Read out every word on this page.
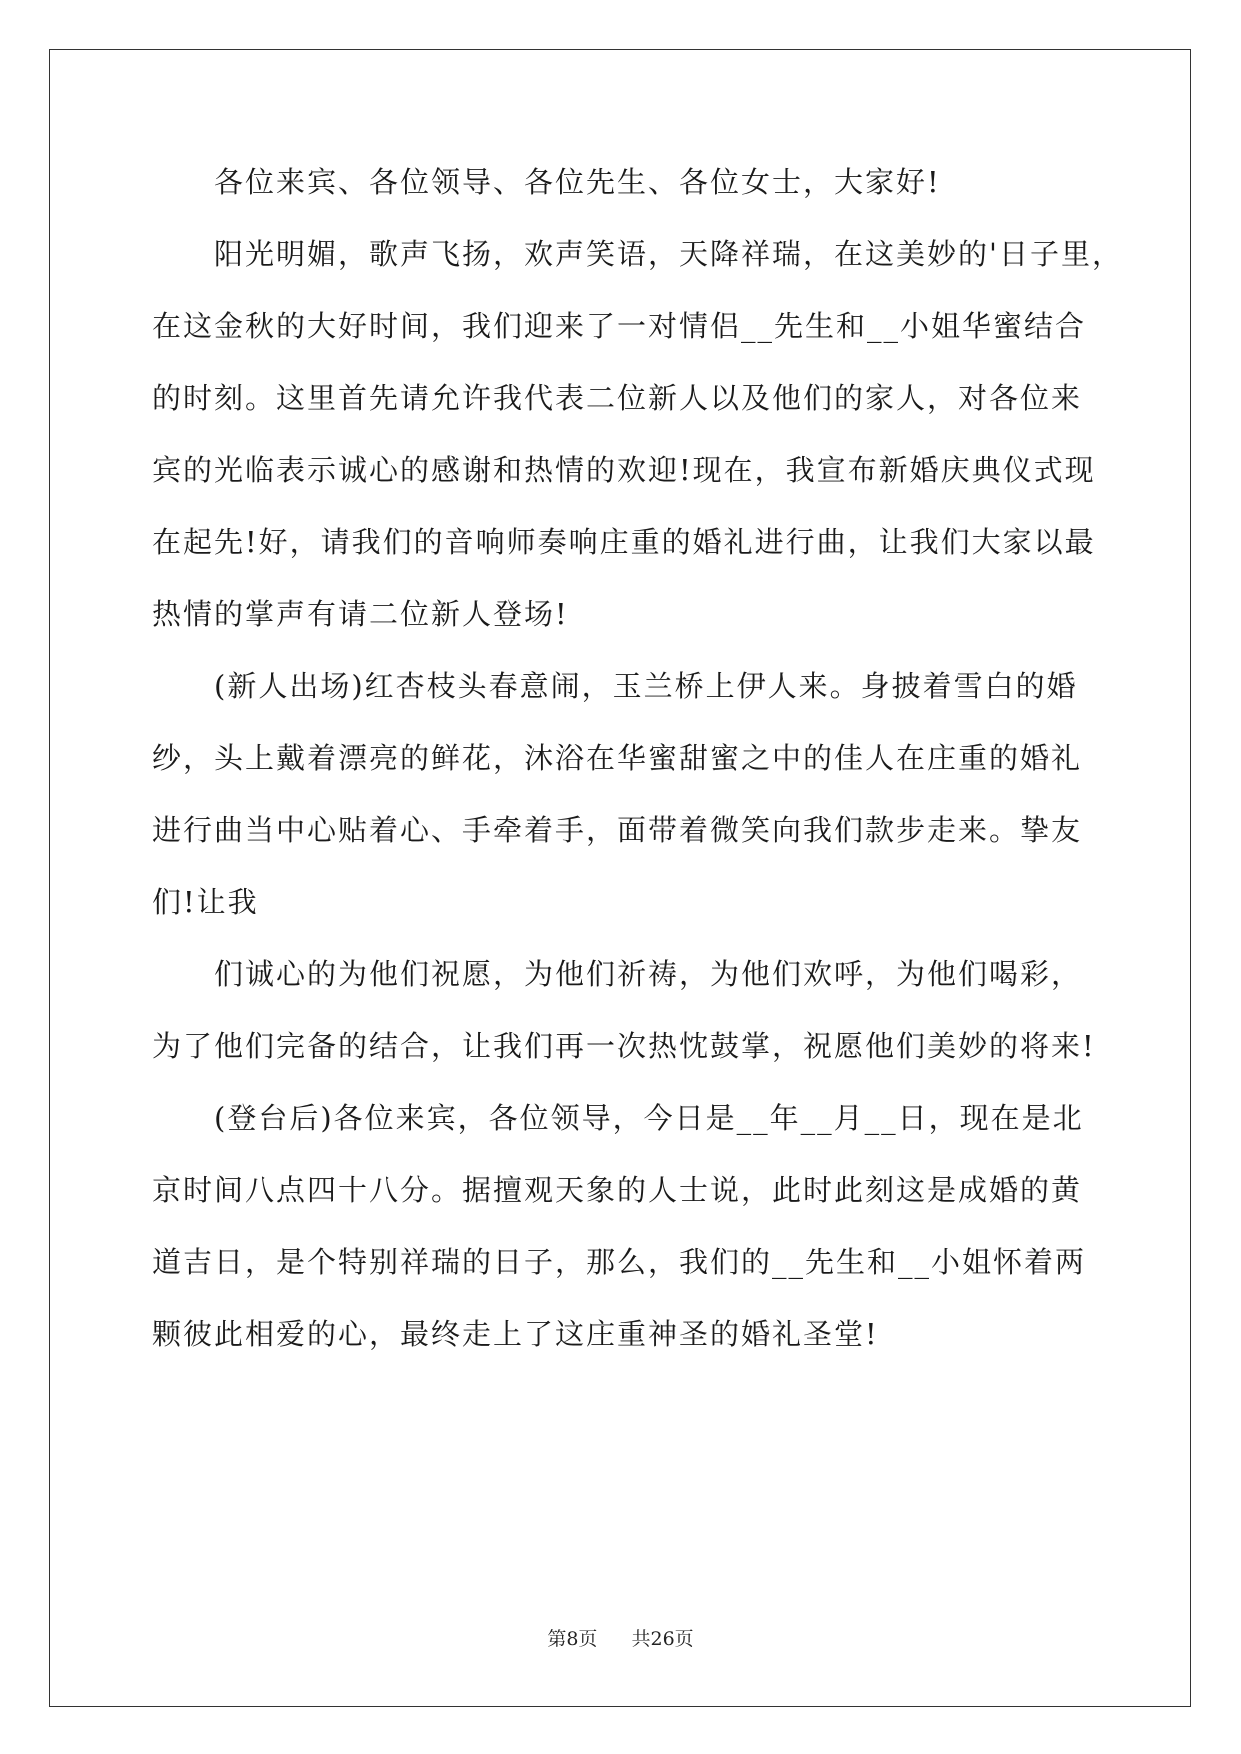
　　各位来宾、各位领导、各位先生、各位女士，大家好!
　　阳光明媚，歌声飞扬，欢声笑语，天降祥瑞，在这美妙的'日子里，
在这金秋的大好时间，我们迎来了一对情侣__先生和__小姐华蜜结合
的时刻。这里首先请允许我代表二位新人以及他们的家人，对各位来
宾的光临表示诚心的感谢和热情的欢迎!现在，我宣布新婚庆典仪式现
在起先!好，请我们的音响师奏响庄重的婚礼进行曲，让我们大家以最
热情的掌声有请二位新人登场!
　　(新人出场)红杏枝头春意闹，玉兰桥上伊人来。身披着雪白的婚
纱，头上戴着漂亮的鲜花，沐浴在华蜜甜蜜之中的佳人在庄重的婚礼
进行曲当中心贴着心、手牵着手，面带着微笑向我们款步走来。挚友
们!让我
　　们诚心的为他们祝愿，为他们祈祷，为他们欢呼，为他们喝彩，
为了他们完备的结合，让我们再一次热忱鼓掌，祝愿他们美妙的将来!
　　(登台后)各位来宾，各位领导，今日是__年__月__日，现在是北
京时间八点四十八分。据擅观天象的人士说，此时此刻这是成婚的黄
道吉日，是个特别祥瑞的日子，那么，我们的__先生和__小姐怀着两
颗彼此相爱的心，最终走上了这庄重神圣的婚礼圣堂!
第8页 共26页
